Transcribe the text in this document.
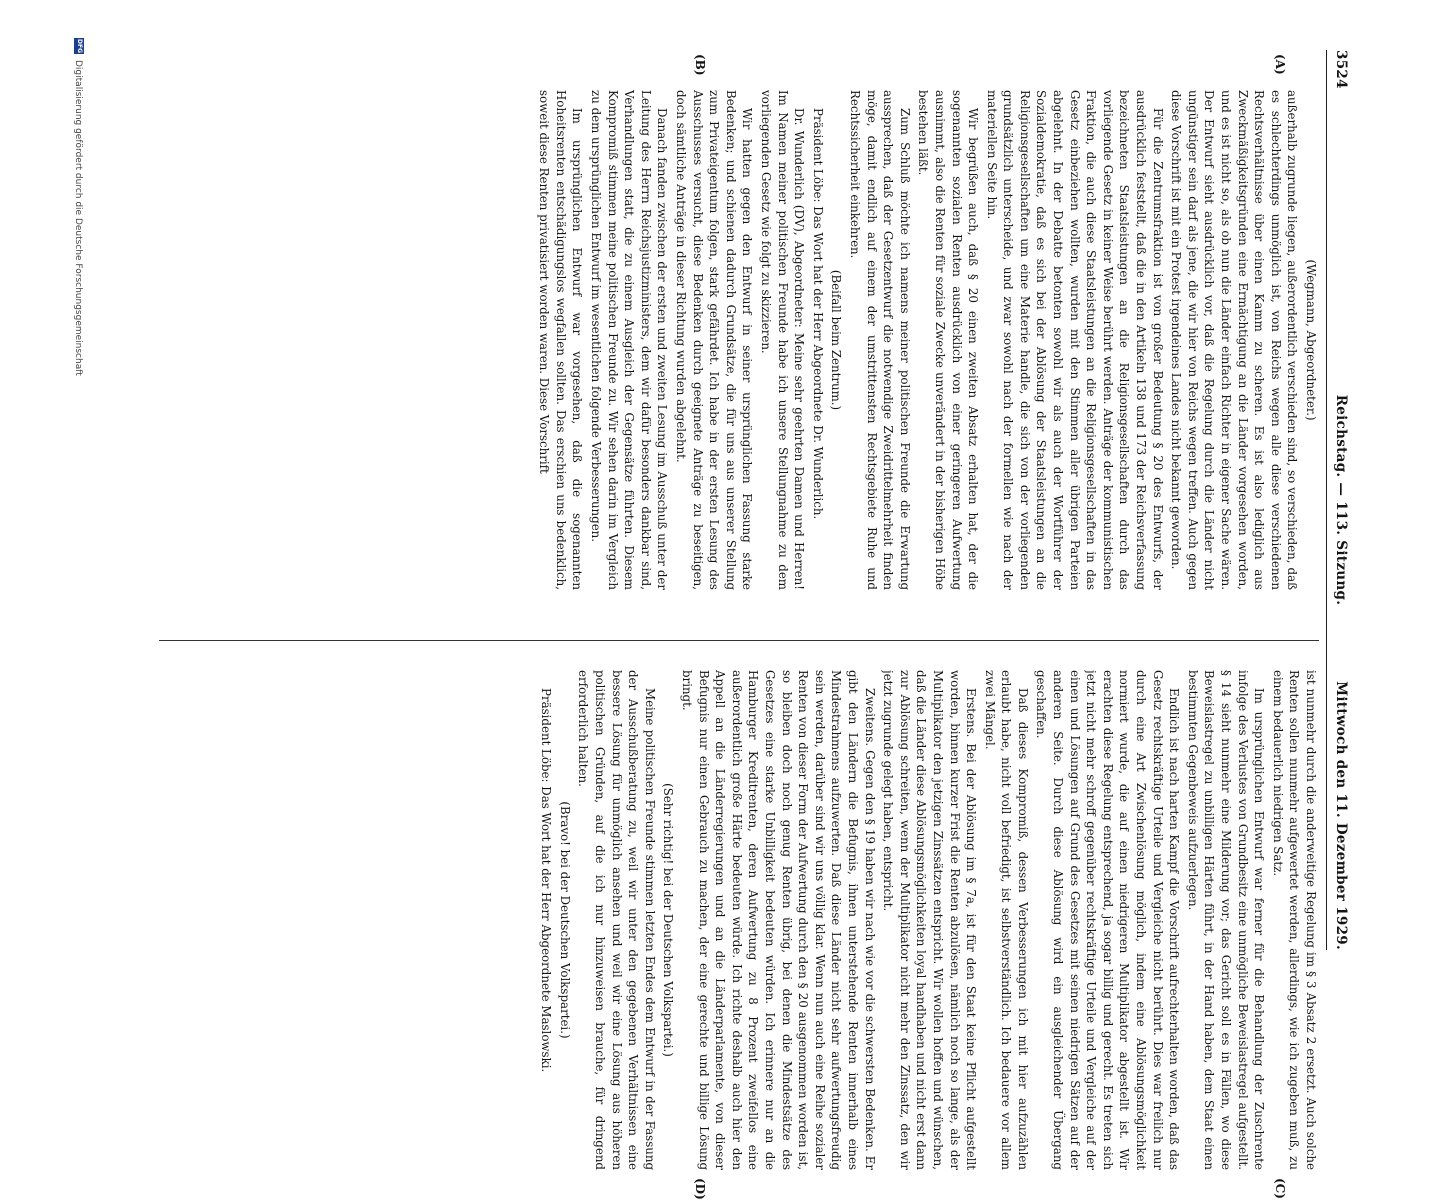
3524
Reichstag. — 113. Sitzung.
Mittwoch den 11. Dezember 1929.
(A)
(B)
(C)
(D)

(Wegmann, Abgeordneter.)

außerhalb zugrunde liegen, außerordentlich verschieden sind, so verschieden, daß es schlechterdings unmöglich ist, von Reichs wegen alle diese verschiedenen Rechtsverhältnisse über einen Kamm zu scheren. Es ist also lediglich aus Zweckmäßigkeitsgründen eine Ermächtigung an die Länder vorgesehen worden, und es ist nicht so, als ob nun die Länder einfach Richter in eigener Sache wären. Der Entwurf sieht ausdrücklich vor, daß die Regelung durch die Länder nicht ungünstiger sein darf als jene, die wir hier von Reichs wegen treffen. Auch gegen diese Vorschrift ist mit ein Protest irgendeines Landes nicht bekannt geworden.

Für die Zentrumsfraktion ist von großer Bedeutung § 20 des Entwurfs, der ausdrücklich feststellt, daß die in den Artikeln 138 und 173 der Reichsverfassung bezeichneten Staatsleistungen an die Religionsgesellschaften durch das vorliegende Gesetz in keiner Weise berührt werden. Anträge der kommunistischen Fraktion, die auch diese Staatsleistungen an die Religionsgesellschaften in das Gesetz einbeziehen wollten, wurden mit den Stimmen aller übrigen Parteien abgelehnt. In der Debatte betonten sowohl wir als auch der Wortführer der Sozialdemokratie, daß es sich bei der Ablösung der Staatsleistungen an die Religionsgesellschaften um eine Materie handle, die sich von der vorliegenden grundsätzlich unterscheide, und zwar sowohl nach der formellen wie nach der materiellen Seite hin.

Wir begrüßen auch, daß § 20 einen zweiten Absatz erhalten hat, der die sogenannten sozialen Renten ausdrücklich von einer geringeren Aufwertung ausnimmt, also die Renten für soziale Zwecke unverändert in der bisherigen Höhe bestehen läßt.

Zum Schluß möchte ich namens meiner politischen Freunde die Erwartung aussprechen, daß der Gesetzentwurf die notwendige Zweidrittelmehrheit finden möge, damit endlich auf einem der umstrittensten Rechtsgebiete Ruhe und Rechtssicherheit einkehren.

(Beifall beim Zentrum.)

Präsident Löbe: Das Wort hat der Herr Abgeordnete Dr. Wunderlich.

Dr. Wunderlich (DV), Abgeordneter: Meine sehr geehrten Damen und Herren! Im Namen meiner politischen Freunde habe ich unsere Stellungnahme zu dem vorliegenden Gesetz wie folgt zu skizzieren.

Wir hatten gegen den Entwurf in seiner ursprünglichen Fassung starke Bedenken; und schienen dadurch Grundsätze, die für uns aus unserer Stellung zum Privateigentum folgen, stark gefährdet. Ich habe in der ersten Lesung des Ausschusses versucht, diese Bedenken durch geeignete Anträge zu beseitigen, doch sämtliche Anträge in dieser Richtung wurden abgelehnt.

Danach fanden zwischen der ersten und zweiten Lesung im Ausschuß unter der Leitung des Herrn Reichsjustizministers, dem wir dafür besonders dankbar sind, Verhandlungen statt, die zu einem Ausgleich der Gegensätze führten. Diesem Kompromiß stimmen meine politischen Freunde zu. Wir sehen darin im Vergleich zu dem ursprünglichen Entwurf im wesentlichen folgende Verbesserungen.

Im ursprünglichen Entwurf war vorgesehen, daß die sogenannten Hoheitsrenten entschädigungslos wegfallen sollten. Das erschien uns bedenklich, soweit diese Renten privatisiert worden waren. Diese Vorschrift

ist nunmehr durch die anderweitige Regelung im § 3 Absatz 2 ersetzt. Auch solche Renten sollen nunmehr aufgewertet werden, allerdings, wie ich zugeben muß, zu einem bedauerlich niedrigen Satz.

Im ursprünglichen Entwurf war ferner für die Behandlung der Zuschrente infolge des Verlustes von Grundbesitz eine unmögliche Beweislastregel aufgestellt. § 14 sieht nunmehr eine Milderung vor; das Gericht soll es in Fällen, wo diese Beweislastregel zu unbilligen Härten führt, in der Hand haben, dem Staat einen bestimmten Gegenbeweis aufzuerlegen.

Endlich ist nach harten Kampf die Vorschrift aufrechterhalten worden, daß das Gesetz rechtskräftige Urteile und Vergleiche nicht berührt. Dies war freilich nur durch eine Art Zwischenlösung möglich, indem eine Ablösungsmöglichkeit normiert wurde, die auf einen niedrigeren Multiplikator abgestellt ist. Wir erachten diese Regelung entsprechend, ja sogar billig und gerecht. Es treten sich jetzt nicht mehr schroff gegenüber rechtskräftige Urteile und Vergleiche auf der einen und Lösungen auf Grund des Gesetzes mit seinen niedrigen Sätzen auf der anderen Seite. Durch diese Ablösung wird ein ausgleichender Übergang geschaffen.

Daß dieses Kompromiß, dessen Verbesserungen ich mit hier aufzuzählen erlaubt habe, nicht voll befriedigt, ist selbstverständlich. Ich bedauere vor allem zwei Mängel.

Erstens. Bei der Ablösung im § 7a, ist für den Staat keine Pflicht aufgestellt worden, binnen kurzer Frist die Renten abzulösen, nämlich noch so lange, als der Multiplikator den jetzigen Zinssätzen entspricht. Wir wollen hoffen und wünschen, daß die Länder diese Ablösungsmöglichkeiten loyal handhaben und nicht erst dann zur Ablösung schreiten, wenn der Multiplikator nicht mehr den Zinssatz, den wir jetzt zugrunde gelegt haben, entspricht.

Zweitens. Gegen den § 19 haben wir nach wie vor die schwersten Bedenken. Er gibt den Ländern die Befugnis, ihnen unterstehende Renten innerhalb eines Mindestrahmens aufzuwerten. Daß diese Länder nicht sehr aufwertungsfreudig sein werden, darüber sind wir uns völlig klar. Wenn nun auch eine Reihe sozialer Renten von dieser Form der Aufwertung durch den § 20 ausgenommen worden ist, so bleiben doch noch genug Renten übrig, bei denen die Mindestsätze des Gesetzes eine starke Unbilligkeit bedeuten würden. Ich erinnere nur an die Hamburger Kreditrenten, deren Aufwertung zu 8 Prozent zweifellos eine außerordentlich große Härte bedeuten würde. Ich richte deshalb auch hier den Appell an die Länderregierungen und an die Länderparlamente, von dieser Befugnis nur einen Gebrauch zu machen, der eine gerechte und billige Lösung bringt.

(Sehr richtig! bei der Deutschen Volkspartei.)

Meine politischen Freunde stimmen letzten Endes dem Entwurf in der Fassung der Ausschußberatung zu, weil wir unter den gegebenen Verhältnissen eine bessere Lösung für unmöglich ansehen und weil wir eine Lösung aus höheren politischen Gründen, auf die ich nur hinzuweisen brauche, für dringend erforderlich halten.

(Bravo! bei der Deutschen Volkspartei.)

Präsident Löbe: Das Wort hat der Herr Abgeordnete Maslowski.

DFG
Digitalisierung gefördert durch die Deutsche Forschungsgemeinschaft
